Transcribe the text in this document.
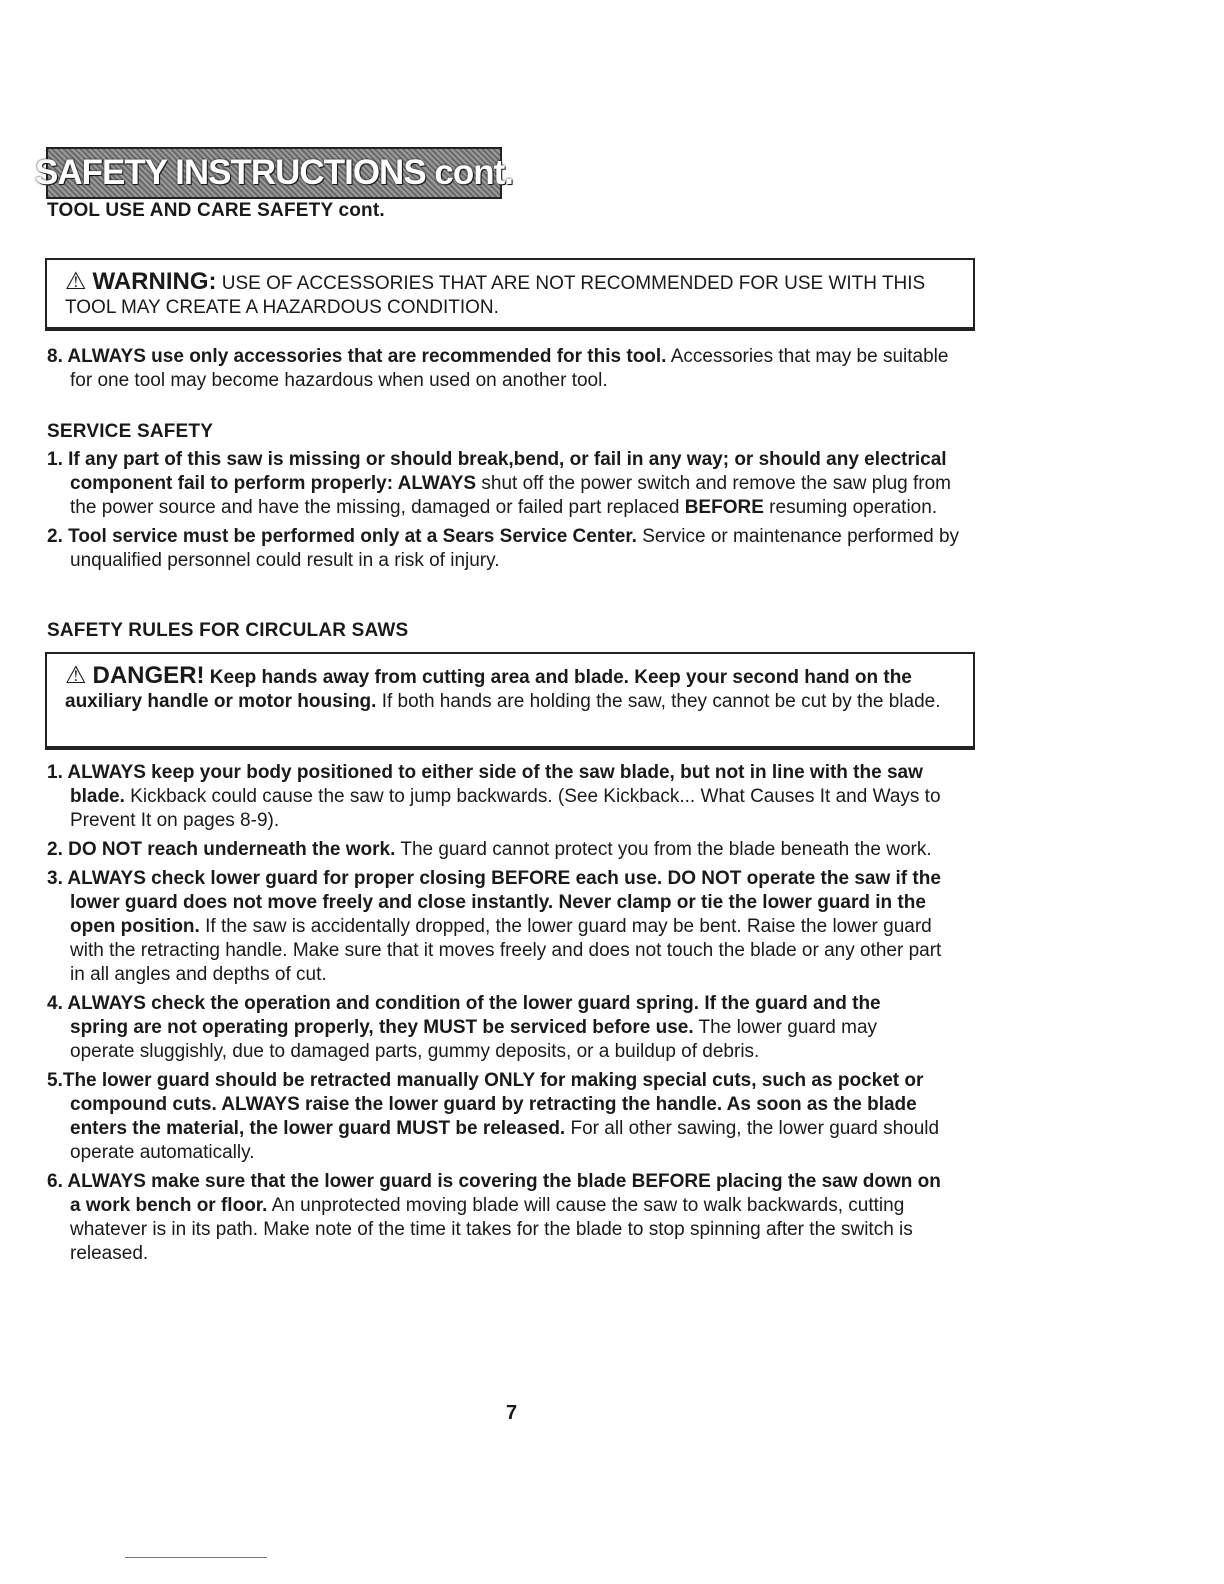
SAFETY INSTRUCTIONS cont.
TOOL USE AND CARE SAFETY cont.
⚠ WARNING: USE OF ACCESSORIES THAT ARE NOT RECOMMENDED FOR USE WITH THIS TOOL MAY CREATE A HAZARDOUS CONDITION.
8. ALWAYS use only accessories that are recommended for this tool. Accessories that may be suitable for one tool may become hazardous when used on another tool.
SERVICE SAFETY
1. If any part of this saw is missing or should break,bend, or fail in any way; or should any electrical component fail to perform properly: ALWAYS shut off the power switch and remove the saw plug from the power source and have the missing, damaged or failed part replaced BEFORE resuming operation.
2. Tool service must be performed only at a Sears Service Center. Service or maintenance performed by unqualified personnel could result in a risk of injury.
SAFETY RULES FOR CIRCULAR SAWS
⚠ DANGER! Keep hands away from cutting area and blade. Keep your second hand on the auxiliary handle or motor housing. If both hands are holding the saw, they cannot be cut by the blade.
1. ALWAYS keep your body positioned to either side of the saw blade, but not in line with the saw blade. Kickback could cause the saw to jump backwards. (See Kickback... What Causes It and Ways to Prevent It on pages 8-9).
2. DO NOT reach underneath the work. The guard cannot protect you from the blade beneath the work.
3. ALWAYS check lower guard for proper closing BEFORE each use. DO NOT operate the saw if the lower guard does not move freely and close instantly. Never clamp or tie the lower guard in the open position. If the saw is accidentally dropped, the lower guard may be bent. Raise the lower guard with the retracting handle. Make sure that it moves freely and does not touch the blade or any other part in all angles and depths of cut.
4. ALWAYS check the operation and condition of the lower guard spring. If the guard and the spring are not operating properly, they MUST be serviced before use. The lower guard may operate sluggishly, due to damaged parts, gummy deposits, or a buildup of debris.
5.The lower guard should be retracted manually ONLY for making special cuts, such as pocket or compound cuts. ALWAYS raise the lower guard by retracting the handle. As soon as the blade enters the material, the lower guard MUST be released. For all other sawing, the lower guard should operate automatically.
6. ALWAYS make sure that the lower guard is covering the blade BEFORE placing the saw down on a work bench or floor. An unprotected moving blade will cause the saw to walk backwards, cutting whatever is in its path. Make note of the time it takes for the blade to stop spinning after the switch is released.
7
